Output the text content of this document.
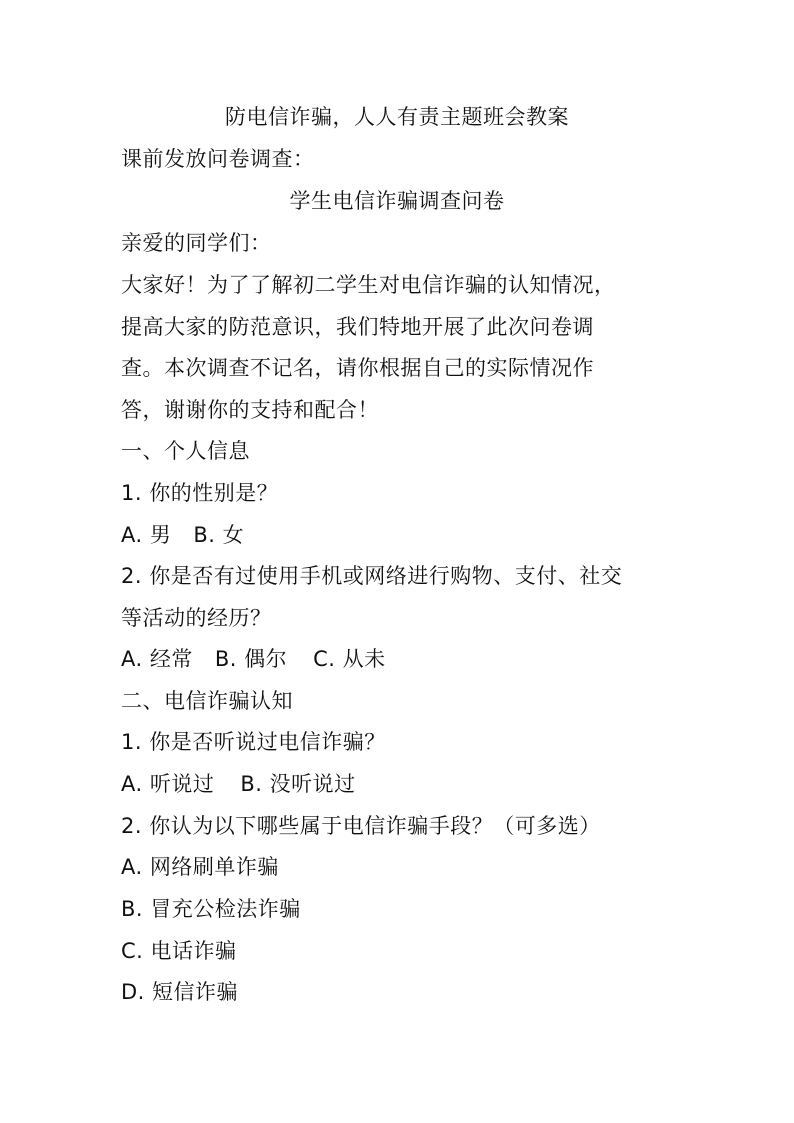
防电信诈骗，人人有责主题班会教案
课前发放问卷调查：
学生电信诈骗调查问卷
亲爱的同学们：
大家好！为了了解初二学生对电信诈骗的认知情况，
提高大家的防范意识，我们特地开展了此次问卷调
查。本次调查不记名，请你根据自己的实际情况作
答，谢谢你的支持和配合！
一、个人信息
1. 你的性别是？
A. 男 B. 女
2. 你是否有过使用手机或网络进行购物、支付、社交
等活动的经历？
A. 经常 B. 偶尔 C. 从未
二、电信诈骗认知
1. 你是否听说过电信诈骗？
A. 听说过 B. 没听说过
2. 你认为以下哪些属于电信诈骗手段？（可多选）
A. 网络刷单诈骗
B. 冒充公检法诈骗
C. 电话诈骗
D. 短信诈骗
